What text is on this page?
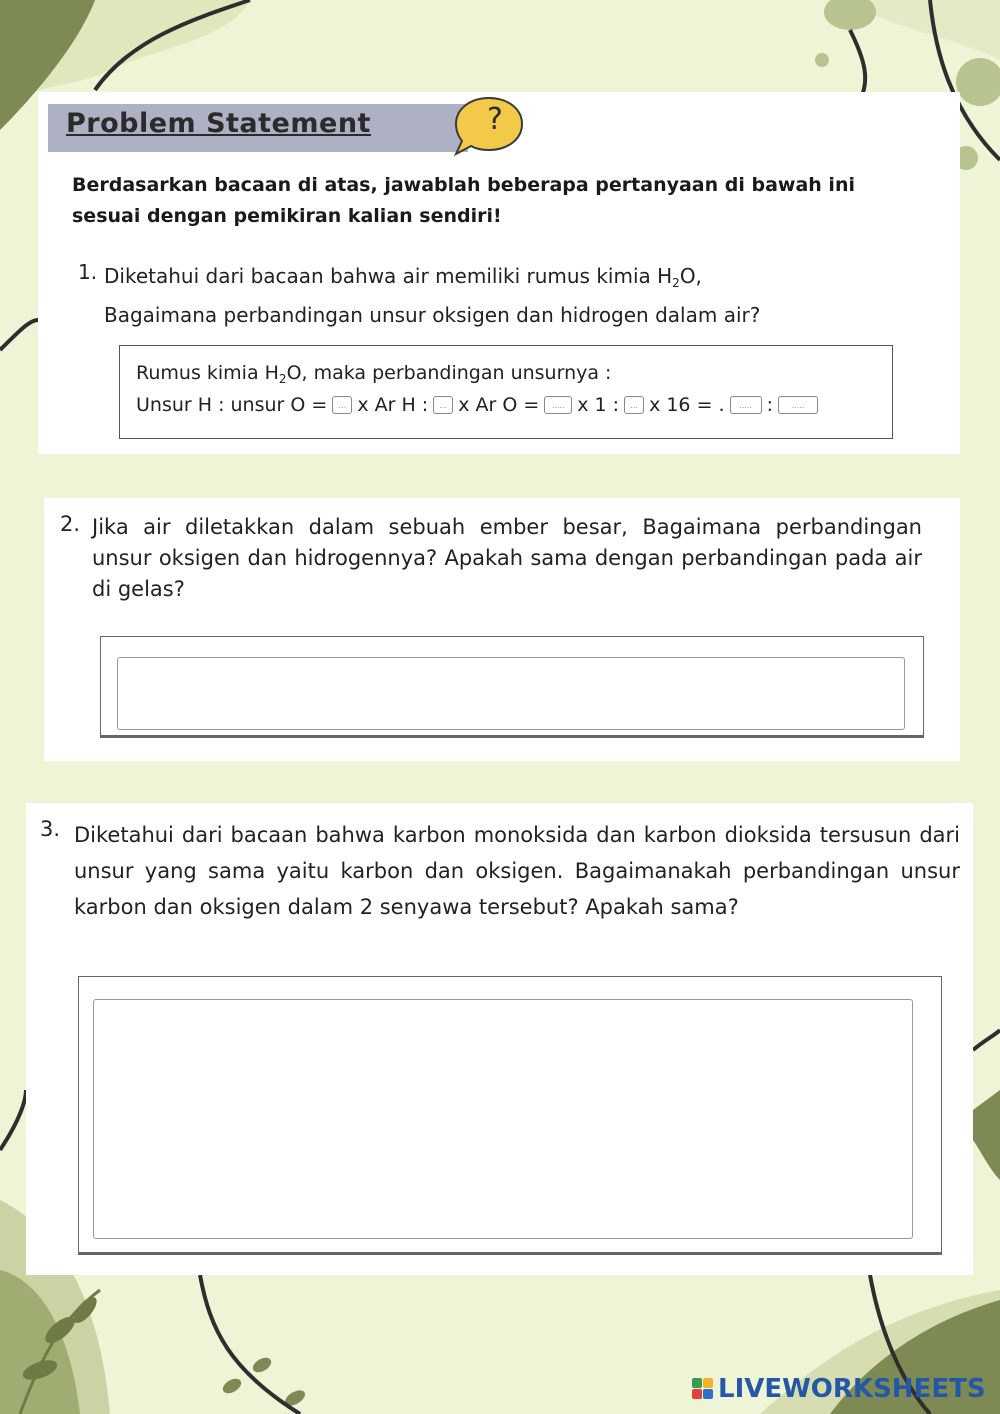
Problem Statement	?
Berdasarkan bacaan di atas, jawablah beberapa pertanyaan di bawah ini sesuai dengan pemikiran kalian sendiri!
1. Diketahui dari bacaan bahwa air memiliki rumus kimia $H_2O$,
Bagaimana perbandingan unsur oksigen dan hidrogen dalam air?
Rumus kimia $H_2O$, maka perbandingan unsurnya :
Unsur H : unsur O =	... x Ar H :	... x Ar O =	..... x 1 :	... x 16 = .	..... :	.....
2. Jika air diletakkan dalam sebuah ember besar, Bagaimana perbandingan unsur oksigen dan hidrogennya? Apakah sama dengan perbandingan pada air di gelas?
3. Diketahui dari bacaan bahwa karbon monoksida dan karbon dioksida tersusun dari unsur yang sama yaitu karbon dan oksigen. Bagaimanakah perbandingan unsur karbon dan oksigen dalam 2 senyawa tersebut? Apakah sama?
LIVEWORKSHEETS
